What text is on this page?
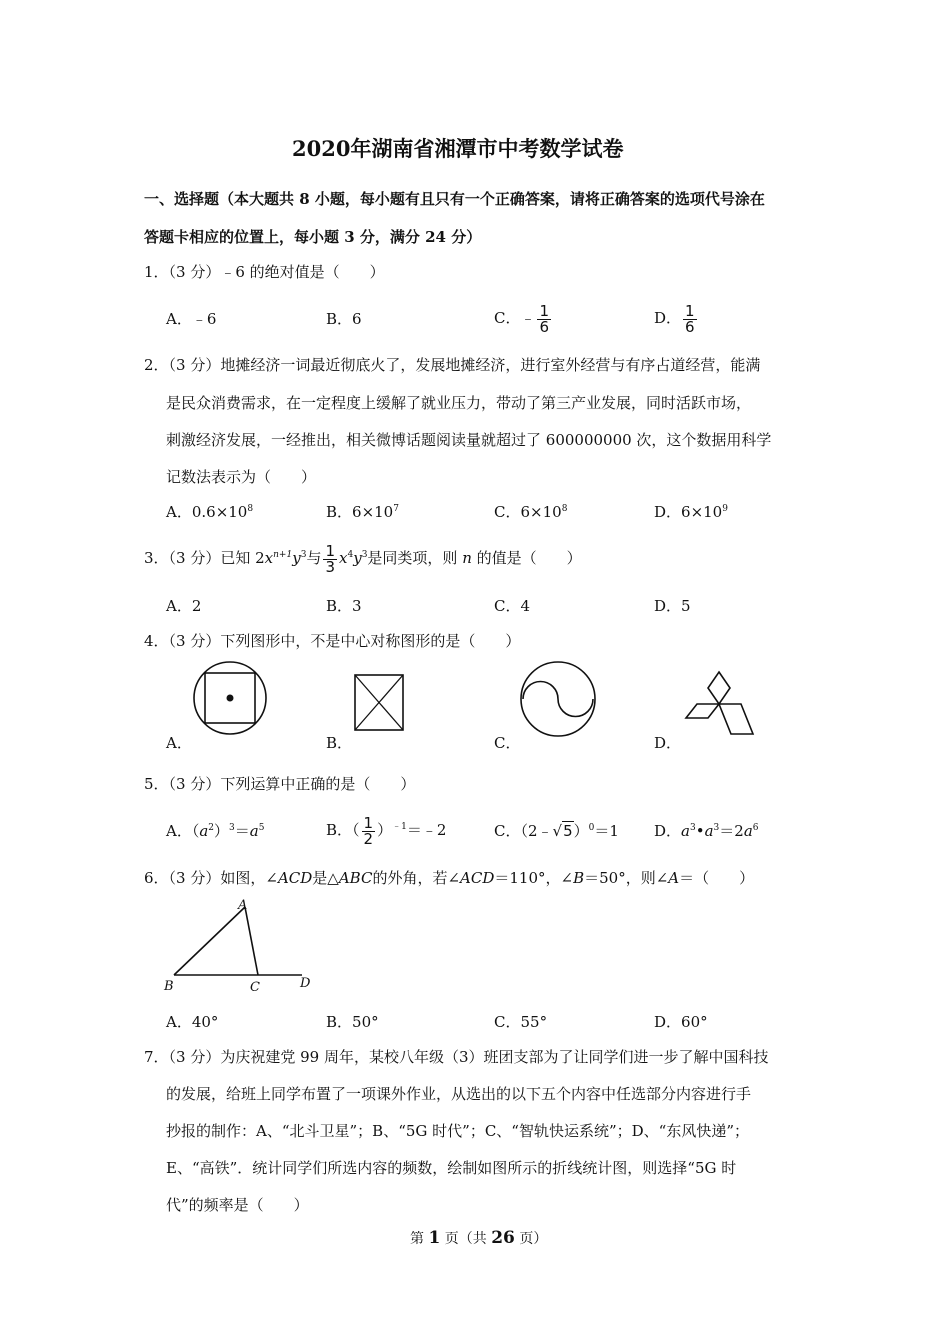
2020年湖南省湘潭市中考数学试卷
一、选择题（本大题共 8 小题，每小题有且只有一个正确答案，请将正确答案的选项代号涂在
答题卡相应的位置上，每小题 3 分，满分 24 分）
1．（3 分）﹣6 的绝对值是（　　）
A．﹣6	B．6	C．﹣ $\frac{1}{6}$	D． $\frac{1}{6}$
2．（3 分）地摊经济一词最近彻底火了，发展地摊经济，进行室外经营与有序占道经营，能满
是民众消费需求，在一定程度上缓解了就业压力，带动了第三产业发展，同时活跃市场，
刺激经济发展，一经推出，相关微博话题阅读量就超过了 600000000 次，这个数据用科学
记数法表示为（　　）
A．$0.6\times 10^8$	B．$6\times 10^7$	C．$6\times 10^8$	D．$6\times 10^9$
3．（3 分）已知 $2x^{n+1}y^3$与 $\frac{1}{3} x^4y^3$是同类项，则 n 的值是（　　）
A．2	B．3	C．4	D．5
4．（3 分）下列图形中，不是中心对称图形的是（　　）
A．	B．	C．	D．
5．（3 分）下列运算中正确的是（　　）
A．$(a^2)^3=a^5$	B．（ $\frac{1}{2}$ ）$^{﹣1}$＝﹣2	C．（2﹣√5）$^0$＝1 D．$a^3•a^3=2a^6$
6．（3 分）如图，∠ACD是△ABC的外角，若∠ACD＝110°，∠B＝50°，则∠A＝（　　）
A
B	C	D
A．40°	B．50°	C．55°	D．60°
7．（3 分）为庆祝建党 99 周年，某校八年级（3）班团支部为了让同学们进一步了解中国科技
的发展，给班上同学布置了一项课外作业，从选出的以下五个内容中任选部分内容进行手
抄报的制作：A、“北斗卫星”；B、“5G 时代”；C、“智轨快运系统”；D、“东风快递”；
E、“高铁”．统计同学们所选内容的频数，绘制如图所示的折线统计图，则选择“5G 时
代”的频率是（　　）
第 1 页（共 26 页）
